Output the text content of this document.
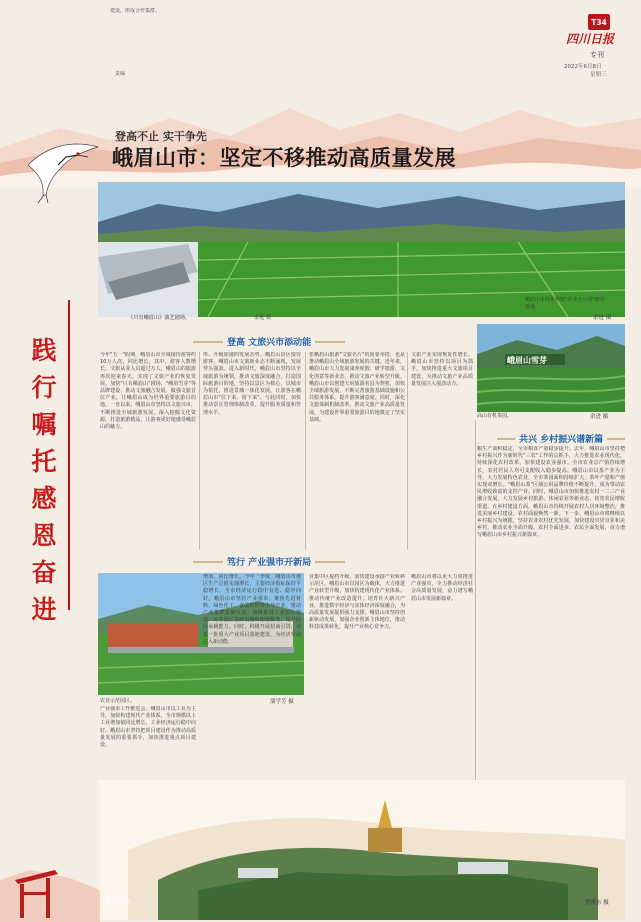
建设，形成合作集群。
T34
四川日报
专刊
2022年6月8日
星期三
责编
登高不止 实干争先
峨眉山市：坚定不移推动高质量发展
《只有峨眉山》演艺剧场。	余进 摄
峨眉山市桂花桥镇"农业大公园"研学基地。
余进 摄
践
行
嘱
托
感
恩
奋
进
登高 文旅兴市添动能
笃行 产业强市开新局
共兴 乡村振兴谱新篇
峨眉山雪芽
高山有机茶园。	余进 摄
今年"五一"假期，峨眉山市全域接待游客约10万人次，同比增长，其中，游客人数增长，文旅从业人员超过万人，峨眉山的旅游再次迎来春天，实现了文旅产业的恢复发展。加快"只有峨眉山"剧场、"峨眉雪芽"等品牌建设，推动文旅融合发展，做强文旅首位产业，让峨眉山成为世界重要旅游目的地。一直以来，峨眉山市坚持以文旅兴市，不断推进全域旅游发展，深入挖掘文化资源，打造旅游精品，让游客更好地感受峨眉山的魅力。
形、升级加速的发展态势。峨眉山景区接待游客，峨眉山市文旅新业态不断涌现，发展势头强劲。进入新时代，峨眉山市坚持以全域旅游为统领，推动文旅深度融合，打造国际旅游目的地，坚持以景区为核心，以城市为依托，推进景城一体化发展，让游客在峨眉山市"住下来、留下来"。与此同时，加快推动景区管理体制改革，提升服务质量和管理水平。
张峨眉山旅游"文旅名片"的重要举措，也是推动峨眉山全域旅游发展的关键。近年来，峨眉山市大力发展康养度假、研学旅游、文化创意等新业态，推动文旅产业转型升级。峨眉山市以创建天府旅游名县为契机，加快全域旅游发展，不断完善旅游基础设施和公共服务体系，提升游客满意度。同时，深化文旅体制机制改革，推动文旅产业高质量发展，为建设世界重要旅游目的地奠定了坚实基础。
文旅产业实现恢复性增长。峨眉山市坚持以项目为抓手，加快推进重大文旅项目建设，为推动文旅产业高质量发展注入强劲动力。
粮生产面积稳定，全市粮食产量稳步提升。去年，峨眉山市坚持把乡村振兴作为新时代"三农"工作的总抓手，大力推进农业现代化，持续深化农村改革，加快建设农业强市。全市农业总产值持续增长，农村居民人均可支配收入稳步提高。峨眉山市以茶产业为主导，大力发展特色农业，全市茶园面积持续扩大，茶叶产量和产值实现双增长。"峨眉山茶"区域公用品牌价值不断提升，成为带动农民增收致富的支柱产业。同时，峨眉山市加快推进农村一二三产业融合发展，大力发展乡村旅游、休闲农业等新业态，拓宽农民增收渠道。在乡村建设方面，峨眉山市持续开展农村人居环境整治，推进美丽乡村建设，农村面貌焕然一新。下一步，峨眉山市将继续以乡村振兴为统揽，坚持农业农村优先发展，加快建设宜居宜业和美乡村，推动农业全面升级、农村全面进步、农民全面发展，奋力谱写峨眉山市乡村振兴新篇章。
农业示范园区。	蒲学芳 摄
产业强市工作推进会，峨眉山市以工业为主导，加快构建现代产业体系，全市规模以上工业增加值同比增长，工业经济运行稳中向好。峨眉山市坚持把项目建设作为推动高质量发展的重要抓手，加快推进重点项目建设。
增加，同比增长。今年一季度，峨眉山市地区生产总值实现增长，主要经济指标保持平稳增长，全市经济运行稳中有进、稳中向好。峨眉山市坚持产业强市，聚焦先进材料、绿色化工、食品饮料等主导产业，推动产业集群集聚发展。加快推进工业园区建设，完善园区基础设施和配套服务，提升园区承载能力。同时，积极开展招商引资，引进一批重大产业项目落地建设，为经济发展注入新动能。
业集中区提档升级，加快建设承接产业转移示范区，峨眉山市以园区为载体，大力推进产业转型升级，加快构建现代化产业体系。推动传统产业改造提升，培育壮大新兴产业，推进数字经济与实体经济深度融合，为高质量发展提供强力支撑。峨眉山市坚持创新驱动发展，加强企业创新主体地位，推动科技成果转化，提升产业核心竞争力。
峨眉山市将以更大力度推进产业强市，全力推动经济社会高质量发展，奋力谱写峨眉山市发展新篇章。
峨眉山全景。	曾俊东 摄
